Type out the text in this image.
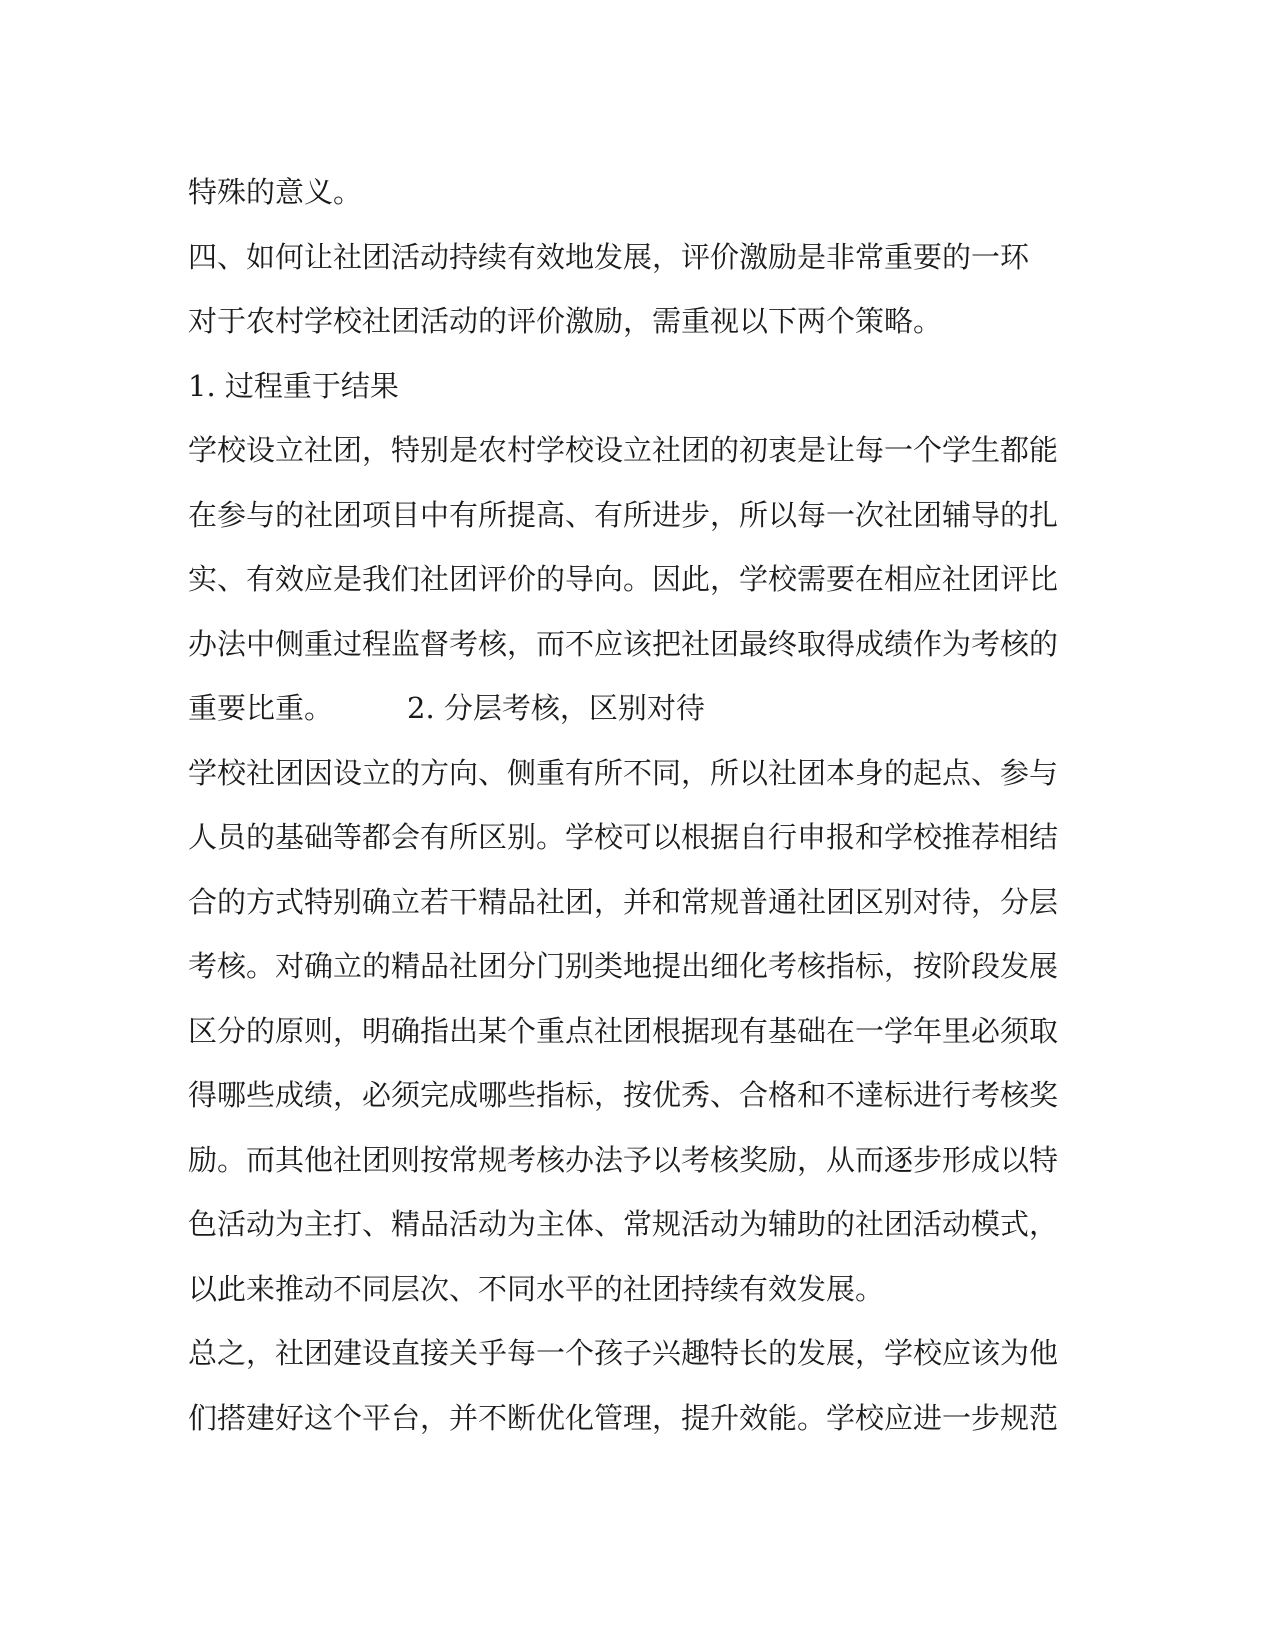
特殊的意义。
四、如何让社团活动持续有效地发展，评价激励是非常重要的一环
对于农村学校社团活动的评价激励，需重视以下两个策略。
1. 过程重于结果
学校设立社团，特别是农村学校设立社团的初衷是让每一个学生都能
在参与的社团项目中有所提高、有所进步，所以每一次社团辅导的扎
实、有效应是我们社团评价的导向。因此，学校需要在相应社团评比
办法中侧重过程监督考核，而不应该把社团最终取得成绩作为考核的
重要比重。	2. 分层考核，区别对待
学校社团因设立的方向、侧重有所不同，所以社团本身的起点、参与
人员的基础等都会有所区别。学校可以根据自行申报和学校推荐相结
合的方式特别确立若干精品社团，并和常规普通社团区别对待，分层
考核。对确立的精品社团分门别类地提出细化考核指标，按阶段发展
区分的原则，明确指出某个重点社团根据现有基础在一学年里必须取
得哪些成绩，必须完成哪些指标，按优秀、合格和不達标进行考核奖
励。而其他社团则按常规考核办法予以考核奖励，从而逐步形成以特
色活动为主打、精品活动为主体、常规活动为辅助的社团活动模式，
以此来推动不同层次、不同水平的社团持续有效发展。
总之，社团建设直接关乎每一个孩子兴趣特长的发展，学校应该为他
们搭建好这个平台，并不断优化管理，提升效能。学校应进一步规范
